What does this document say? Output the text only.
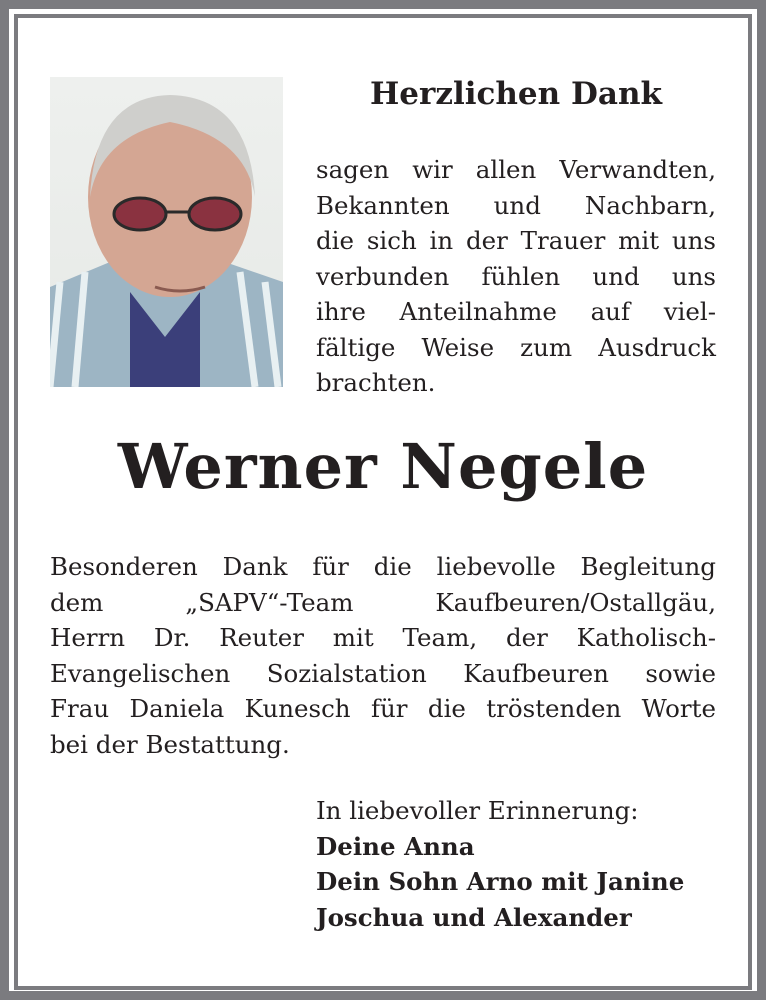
Herzlichen Dank
sagen wir allen Verwandten,
Bekannten und Nachbarn,
die sich in der Trauer mit uns
verbunden fühlen und uns
ihre Anteilnahme auf viel-
fältige Weise zum Ausdruck
brachten.
Werner Negele
Besonderen Dank für die liebevolle Begleitung
dem „SAPV“-Team Kaufbeuren/Ostallgäu,
Herrn Dr. Reuter mit Team, der Katholisch-
Evangelischen Sozialstation Kaufbeuren sowie
Frau Daniela Kunesch für die tröstenden Worte
bei der Bestattung.
In liebevoller Erinnerung:
Deine Anna
Dein Sohn Arno mit Janine
Joschua und Alexander
